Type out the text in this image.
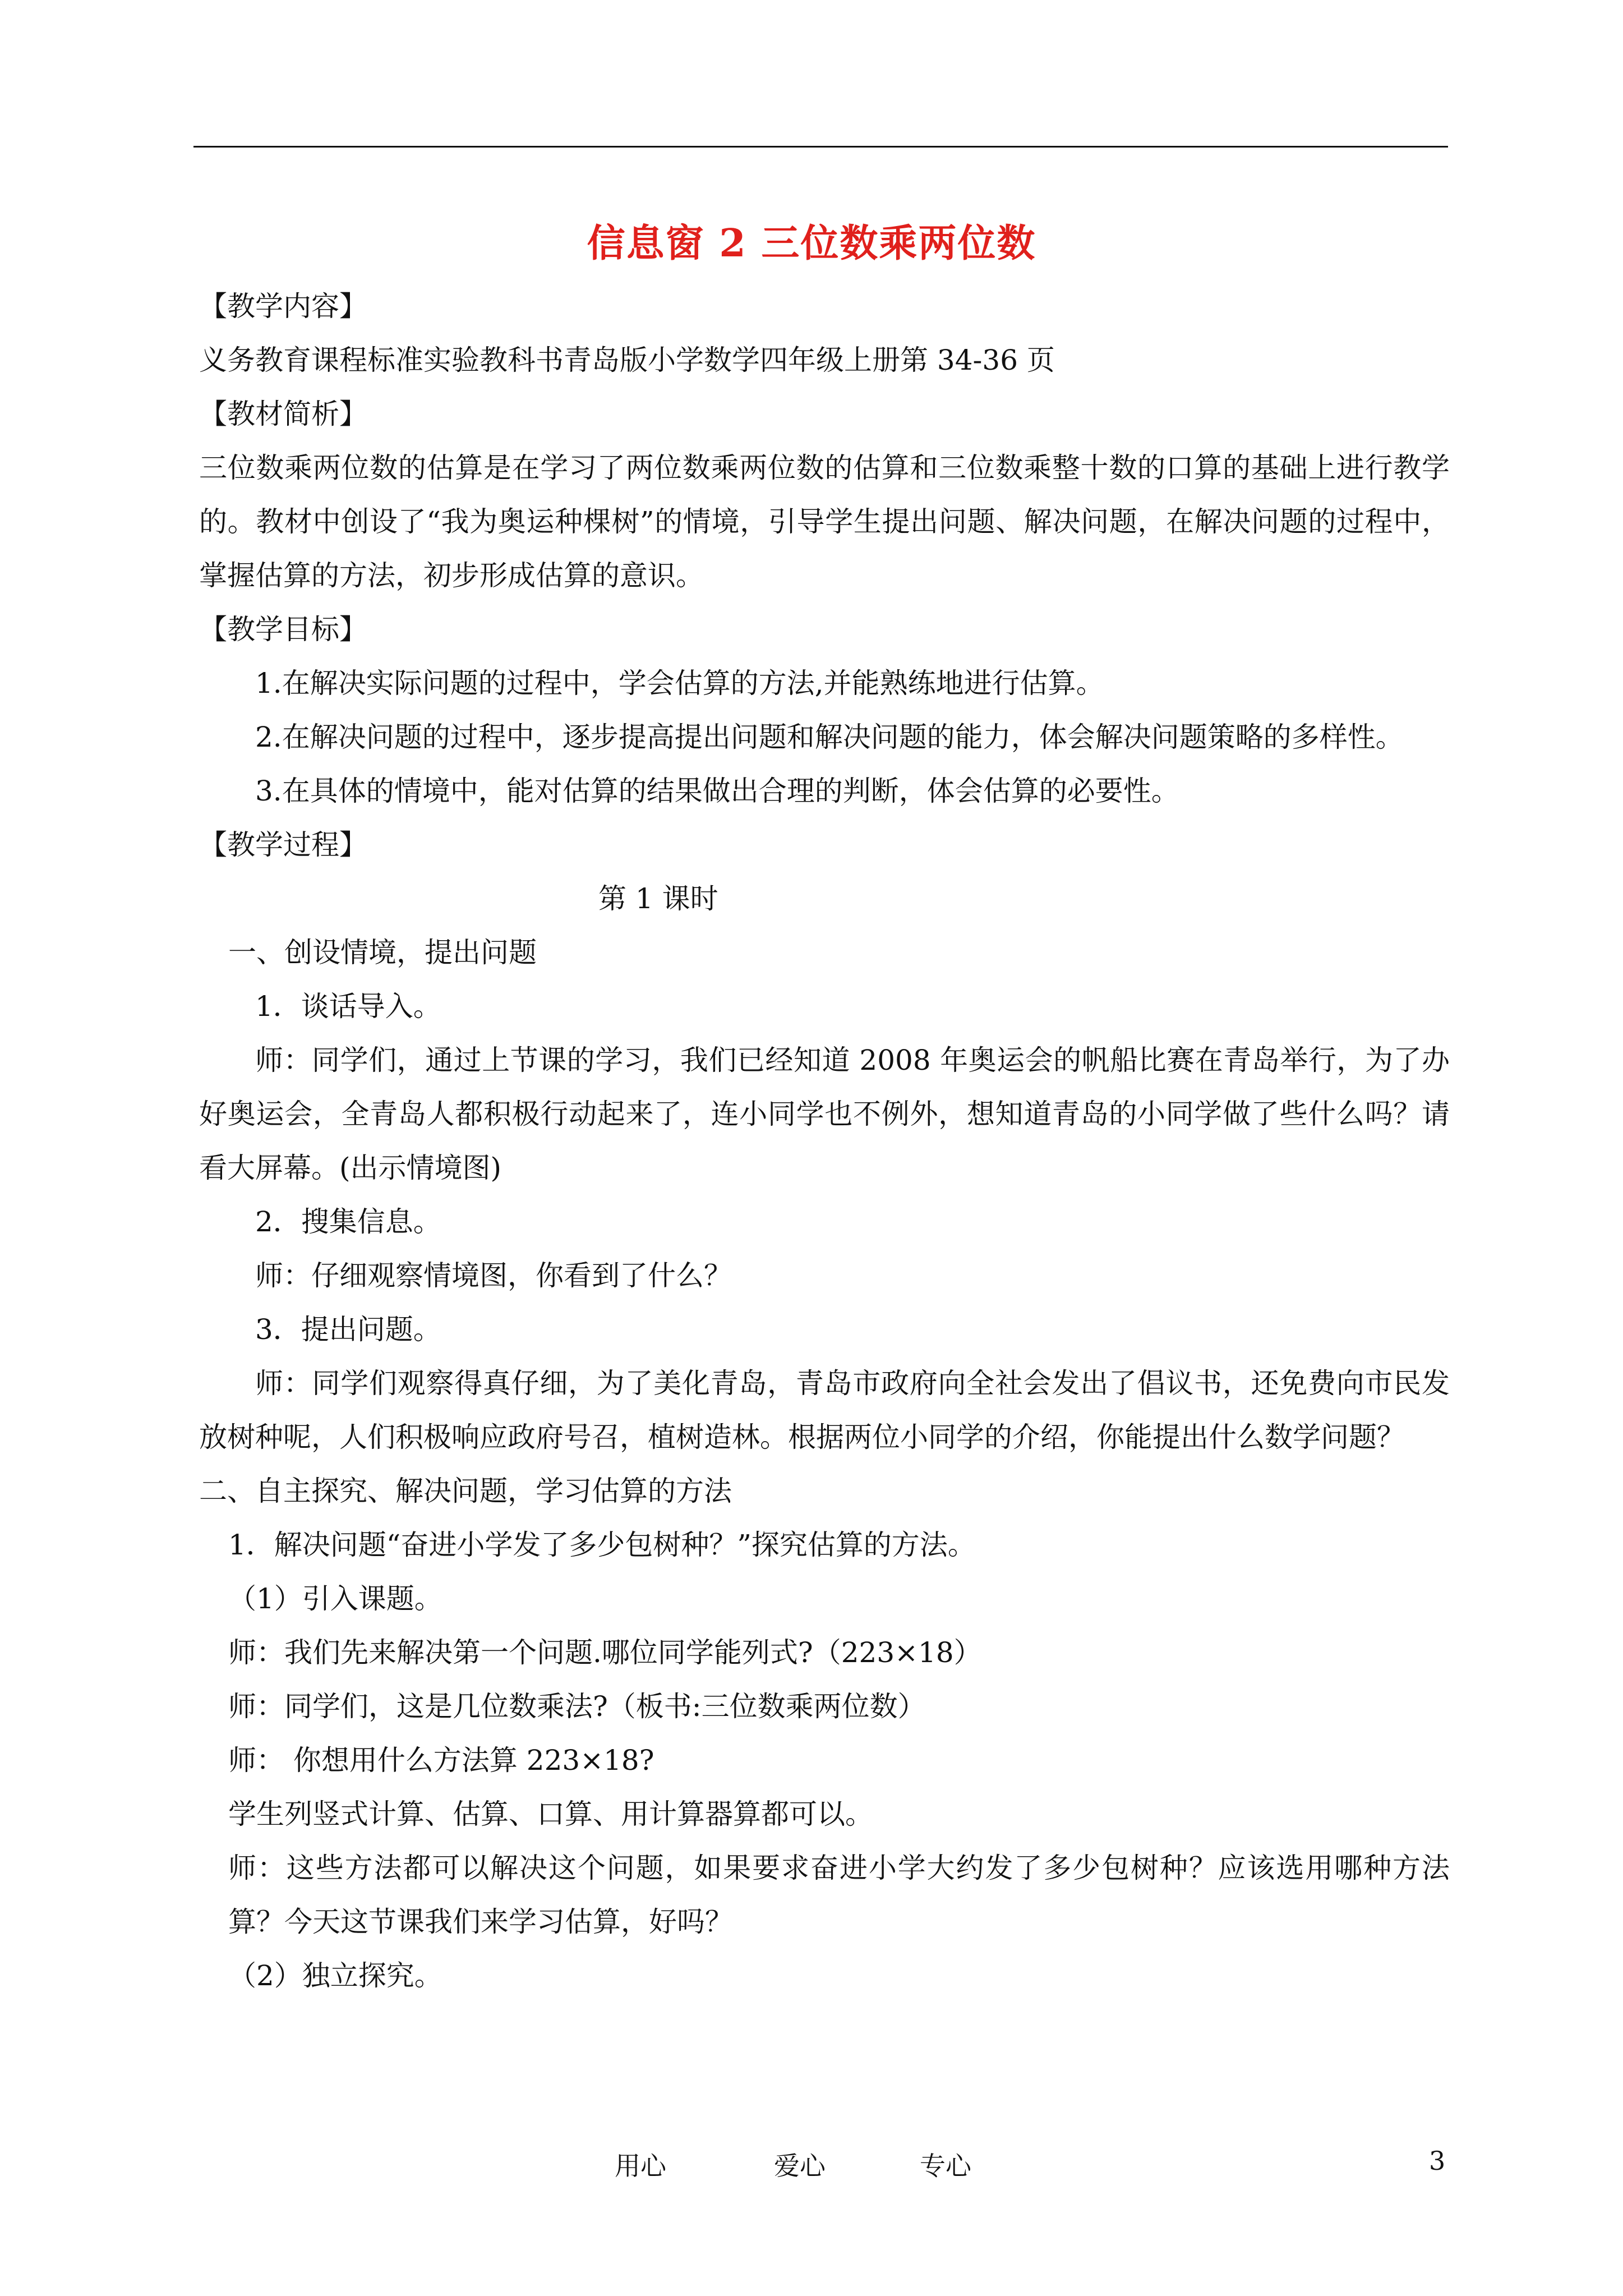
信息窗 2 三位数乘两位数
【教学内容】
义务教育课程标准实验教科书青岛版小学数学四年级上册第 34-36 页
【教材简析】
三位数乘两位数的估算是在学习了两位数乘两位数的估算和三位数乘整十数的口算的基础上进行教学的。教材中创设了“我为奥运种棵树”的情境，引导学生提出问题、解决问题，在解决问题的过程中，掌握估算的方法，初步形成估算的意识。
【教学目标】
1.在解决实际问题的过程中，学会估算的方法,并能熟练地进行估算。
2.在解决问题的过程中，逐步提高提出问题和解决问题的能力，体会解决问题策略的多样性。
3.在具体的情境中，能对估算的结果做出合理的判断，体会估算的必要性。
【教学过程】
第 1 课时
一、创设情境，提出问题
1．谈话导入。
师：同学们，通过上节课的学习，我们已经知道 2008 年奥运会的帆船比赛在青岛举行，为了办好奥运会，全青岛人都积极行动起来了，连小同学也不例外，想知道青岛的小同学做了些什么吗？请看大屏幕。(出示情境图)
2．搜集信息。
师：仔细观察情境图，你看到了什么？
3．提出问题。
师：同学们观察得真仔细，为了美化青岛，青岛市政府向全社会发出了倡议书，还免费向市民发放树种呢，人们积极响应政府号召，植树造林。根据两位小同学的介绍，你能提出什么数学问题？
二、自主探究、解决问题，学习估算的方法
1．解决问题“奋进小学发了多少包树种？”探究估算的方法。
（1）引入课题。
师：我们先来解决第一个问题.哪位同学能列式?（223×18）
师：同学们，这是几位数乘法?（板书:三位数乘两位数）
师： 你想用什么方法算 223×18?
学生列竖式计算、估算、口算、用计算器算都可以。
师：这些方法都可以解决这个问题，如果要求奋进小学大约发了多少包树种？应该选用哪种方法算？今天这节课我们来学习估算，好吗？
（2）独立探究。
用心	爱心	专心	3
